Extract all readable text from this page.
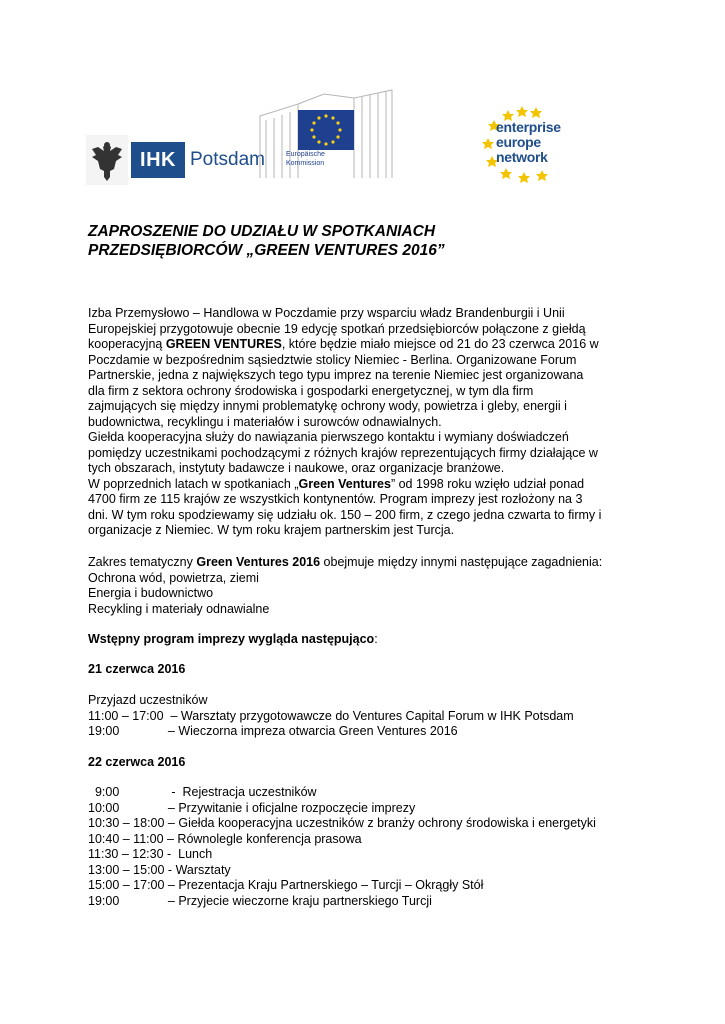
IHK Potsdam	Europäische
Kommission
enterprise
europe
network
ZAPROSZENIE DO UDZIAŁU W SPOTKANIACH
PRZEDSIĘBIORCÓW „GREEN VENTURES 2016”
Izba Przemysłowo – Handlowa w Poczdamie przy wsparciu władz Brandenburgii i Unii
Europejskiej przygotowuje obecnie 19 edycję spotkań przedsiębiorców połączone z giełdą
kooperacyjną GREEN VENTURES, które będzie miało miejsce od 21 do 23 czerwca 2016 w
Poczdamie w bezpośrednim sąsiedztwie stolicy Niemiec - Berlina. Organizowane Forum
Partnerskie, jedna z największych tego typu imprez na terenie Niemiec jest organizowana
dla firm z sektora ochrony środowiska i gospodarki energetycznej, w tym dla firm
zajmujących się między innymi problematykę ochrony wody, powietrza i gleby, energii i
budownictwa, recyklingu i materiałów i surowców odnawialnych.
Giełda kooperacyjna służy do nawiązania pierwszego kontaktu i wymiany doświadczeń
pomiędzy uczestnikami pochodzącymi z różnych krajów reprezentujących firmy działające w
tych obszarach, instytuty badawcze i naukowe, oraz organizacje branżowe.
W poprzednich latach w spotkaniach „Green Ventures” od 1998 roku wzięło udział ponad
4700 firm ze 115 krajów ze wszystkich kontynentów. Program imprezy jest rozłożony na 3
dni. W tym roku spodziewamy się udziału ok. 150 – 200 firm, z czego jedna czwarta to firmy i
organizacje z Niemiec. W tym roku krajem partnerskim jest Turcja.
Zakres tematyczny Green Ventures 2016 obejmuje między innymi następujące zagadnienia:
Ochrona wód, powietrza, ziemi
Energia i budownictwo
Recykling i materiały odnawialne
Wstępny program imprezy wygląda następująco:
21 czerwca 2016
Przyjazd uczestników
11:00 – 17:00  – Warsztaty przygotowawcze do Ventures Capital Forum w IHK Potsdam
19:00              – Wieczorna impreza otwarcia Green Ventures 2016
22 czerwca 2016
9:00               -  Rejestracja uczestników
10:00              – Przywitanie i oficjalne rozpoczęcie imprezy
10:30 – 18:00 – Giełda kooperacyjna uczestników z branży ochrony środowiska i energetyki
10:40 – 11:00 – Równolegle konferencja prasowa
11:30 – 12:30 -  Lunch
13:00 – 15:00 - Warsztaty
15:00 – 17:00 – Prezentacja Kraju Partnerskiego – Turcji – Okrągły Stół
19:00              – Przyjecie wieczorne kraju partnerskiego Turcji
